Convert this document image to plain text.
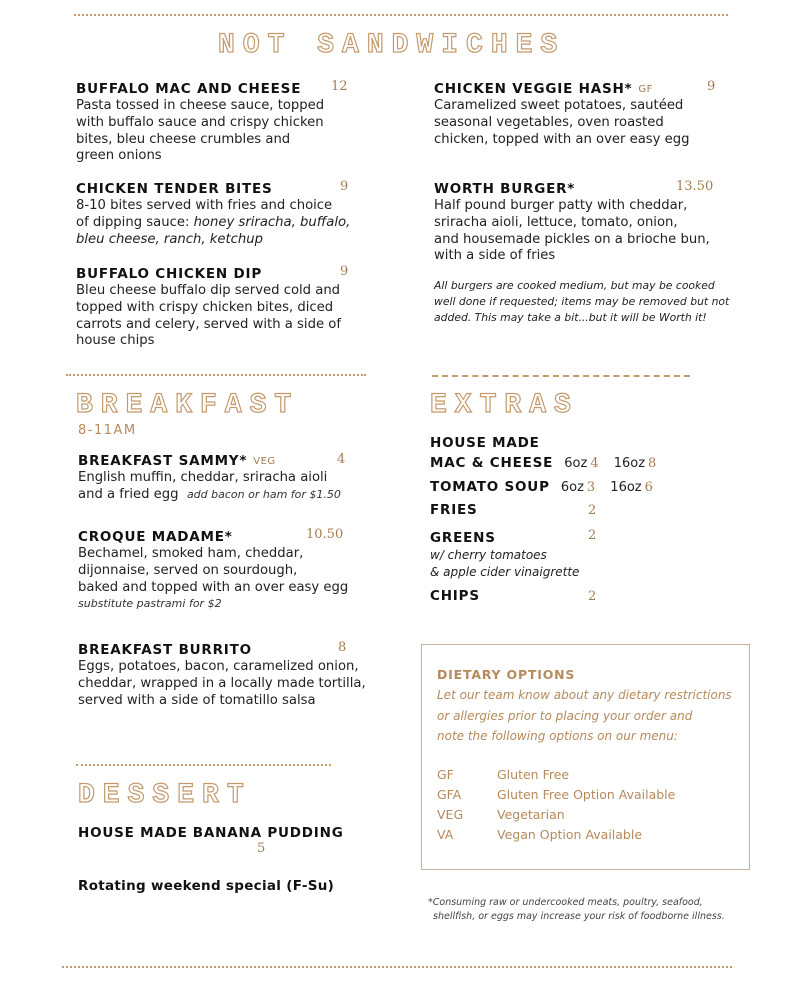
NOT SANDWICHES
BUFFALO MAC AND CHEESE
Pasta tossed in cheese sauce, topped
with buffalo sauce and crispy chicken
bites, bleu cheese crumbles and
green onions
12
CHICKEN TENDER BITES
8-10 bites served with fries and choice
of dipping sauce: honey sriracha, buffalo,
bleu cheese, ranch, ketchup
9
BUFFALO CHICKEN DIP
Bleu cheese buffalo dip served cold and
topped with crispy chicken bites, diced
carrots and celery, served with a side of
house chips
9
CHICKEN VEGGIE HASH* GF
Caramelized sweet potatoes, sautéed
seasonal vegetables, oven roasted
chicken, topped with an over easy egg
9
WORTH BURGER*
Half pound burger patty with cheddar,
sriracha aioli, lettuce, tomato, onion,
and housemade pickles on a brioche bun,
with a side of fries
13.50
All burgers are cooked medium, but may be cooked
well done if requested; items may be removed but not
added. This may take a bit...but it will be Worth it!
BREAKFAST
8-11AM
BREAKFAST SAMMY* VEG
English muffin, cheddar, sriracha aioli
and a fried egg add bacon or ham for $1.50
4
CROQUE MADAME*
Bechamel, smoked ham, cheddar,
dijonnaise, served on sourdough,
baked and topped with an over easy egg
substitute pastrami for $2
10.50
BREAKFAST BURRITO
Eggs, potatoes, bacon, caramelized onion,
cheddar, wrapped in a locally made tortilla,
served with a side of tomatillo salsa
8
DESSERT
HOUSE MADE BANANA PUDDING
5
Rotating weekend special (F-Su)
EXTRAS
HOUSE MADE
MAC & CHEESE 6oz 4 16oz 8
TOMATO SOUP 6oz 3 16oz 6
FRIES	2
GREENS
w/ cherry tomatoes
& apple cider vinaigrette
2
CHIPS	2
DIETARY OPTIONS
Let our team know about any dietary restrictions
or allergies prior to placing your order and
note the following options on our menu:
GF	Gluten Free
GFA	Gluten Free Option Available
VEG	Vegetarian
VA	Vegan Option Available
*Consuming raw or undercooked meats, poultry, seafood,
shellfish, or eggs may increase your risk of foodborne illness.
